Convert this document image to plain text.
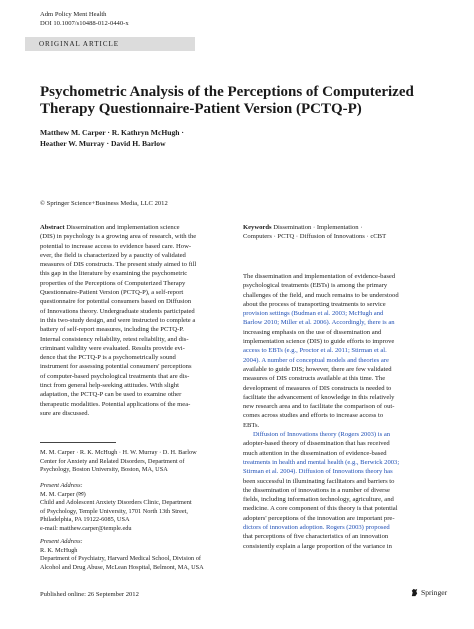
Adm Policy Ment Health
DOI 10.1007/s10488-012-0440-x
ORIGINAL ARTICLE
Psychometric Analysis of the Perceptions of Computerized
Therapy Questionnaire-Patient Version (PCTQ-P)
Matthew M. Carper · R. Kathryn McHugh ·
Heather W. Murray · David H. Barlow
© Springer Science+Business Media, LLC 2012
Abstract Dissemination and implementation science
(DIS) in psychology is a growing area of research, with the
potential to increase access to evidence based care. How-
ever, the field is characterized by a paucity of validated
measures of DIS constructs. The present study aimed to fill
this gap in the literature by examining the psychometric
properties of the Perceptions of Computerized Therapy
Questionnaire-Patient Version (PCTQ-P), a self-report
questionnaire for potential consumers based on Diffusion
of Innovations theory. Undergraduate students participated
in this two-study design, and were instructed to complete a
battery of self-report measures, including the PCTQ-P.
Internal consistency reliability, retest reliability, and dis-
criminant validity were evaluated. Results provide evi-
dence that the PCTQ-P is a psychometrically sound
instrument for assessing potential consumers' perceptions
of computer-based psychological treatments that are dis-
tinct from general help-seeking attitudes. With slight
adaptation, the PCTQ-P can be used to examine other
therapeutic modalities. Potential applications of the mea-
sure are discussed.
M. M. Carper · R. K. McHugh · H. W. Murray · D. H. Barlow
Center for Anxiety and Related Disorders, Department of
Psychology, Boston University, Boston, MA, USA
Present Address:
M. M. Carper (✉)
Child and Adolescent Anxiety Disorders Clinic, Department
of Psychology, Temple University, 1701 North 13th Street,
Philadelphia, PA 19122-6085, USA
e-mail: matthew.carper@temple.edu
Present Address:
R. K. McHugh
Department of Psychiatry, Harvard Medical School, Division of
Alcohol and Drug Abuse, McLean Hospital, Belmont, MA, USA
Keywords Dissemination · Implementation ·
Computers · PCTQ · Diffusion of Innovations · cCBT
The dissemination and implementation of evidence-based
psychological treatments (EBTs) is among the primary
challenges of the field, and much remains to be understood
about the process of transporting treatments to service
provision settings (Budman et al. 2003; McHugh and
Barlow 2010; Miller et al. 2006). Accordingly, there is an
increasing emphasis on the use of dissemination and
implementation science (DIS) to guide efforts to improve
access to EBTs (e.g., Proctor et al. 2011; Stirman et al.
2004). A number of conceptual models and theories are
available to guide DIS; however, there are few validated
measures of DIS constructs available at this time. The
development of measures of DIS constructs is needed to
facilitate the advancement of knowledge in this relatively
new research area and to facilitate the comparison of out-
comes across studies and efforts to increase access to
EBTs.
Diffusion of Innovations theory (Rogers 2003) is an
adopter-based theory of dissemination that has received
much attention in the dissemination of evidence-based
treatments in health and mental health (e.g., Berwick 2003;
Stirman et al. 2004). Diffusion of Innovations theory has
been successful in illuminating facilitators and barriers to
the dissemination of innovations in a number of diverse
fields, including information technology, agriculture, and
medicine. A core component of this theory is that potential
adopters' perceptions of the innovation are important pre-
dictors of innovation adoption. Rogers (2003) proposed
that perceptions of five characteristics of an innovation
consistently explain a large proportion of the variance in
Published online: 26 September 2012	Springer
